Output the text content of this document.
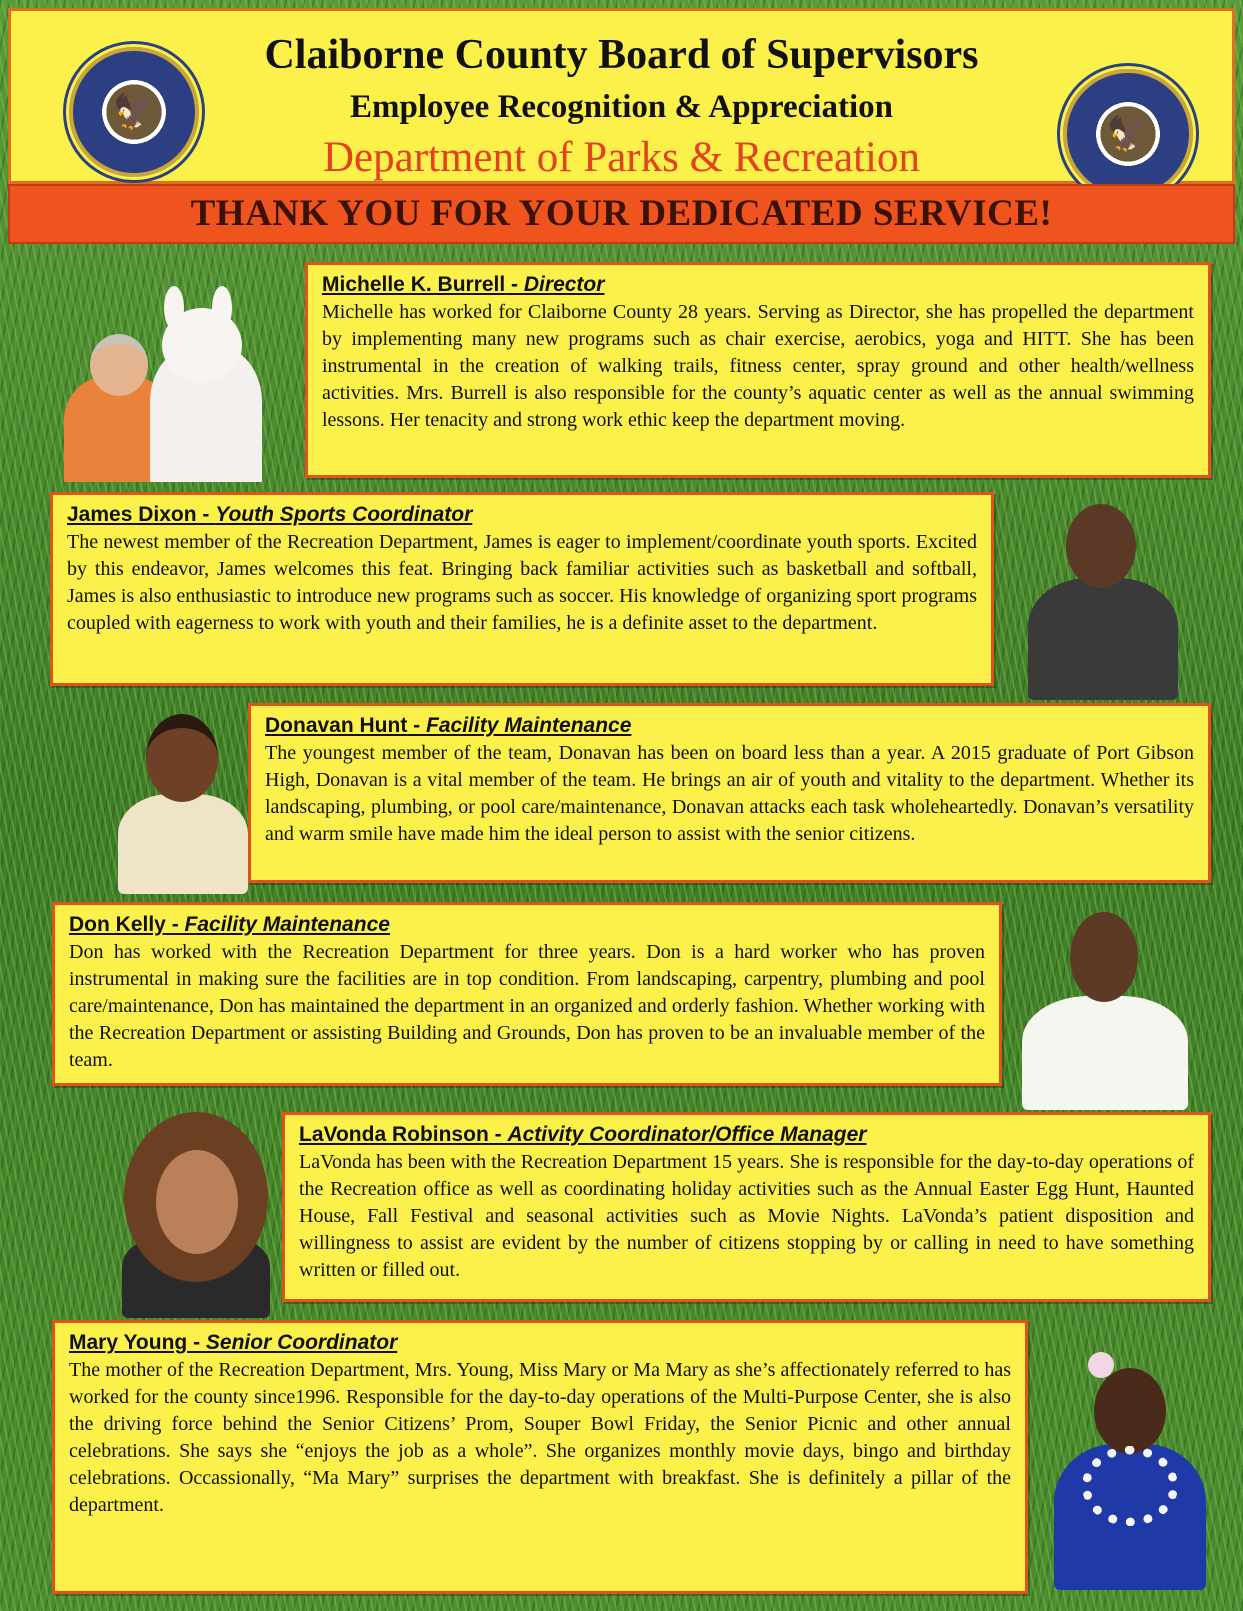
🦅
🦅
Claiborne County Board of Supervisors
Employee Recognition & Appreciation
Department of Parks & Recreation
THANK YOU FOR YOUR DEDICATED SERVICE!
Michelle K. Burrell - Director
Michelle has worked for Claiborne County 28 years. Serving as Director, she has propelled the department by implementing many new programs such as chair exercise, aerobics, yoga and HITT. She has been instrumental in the creation of walking trails, fitness center, spray ground and other health/wellness activities. Mrs. Burrell is also responsible for the county’s aquatic center as well as the annual swimming lessons. Her tenacity and strong work ethic keep the department moving.
James Dixon - Youth Sports Coordinator
The newest member of the Recreation Department, James is eager to implement/coordinate youth sports. Excited by this endeavor, James welcomes this feat. Bringing back familiar activities such as basketball and softball, James is also enthusiastic to introduce new programs such as soccer. His knowledge of organizing sport programs coupled with eagerness to work with youth and their families, he is a definite asset to the department.
Donavan Hunt - Facility Maintenance
The youngest member of the team, Donavan has been on board less than a year. A 2015 graduate of Port Gibson High, Donavan is a vital member of the team. He brings an air of youth and vitality to the department. Whether its landscaping, plumbing, or pool care/maintenance, Donavan attacks each task wholeheartedly. Donavan’s versatility and warm smile have made him the ideal person to assist with the senior citizens.
Don Kelly - Facility Maintenance
Don has worked with the Recreation Department for three years. Don is a hard worker who has proven instrumental in making sure the facilities are in top condition. From landscaping, carpentry, plumbing and pool care/maintenance, Don has maintained the department in an organized and orderly fashion. Whether working with the Recreation Department or assisting Building and Grounds, Don has proven to be an invaluable member of the team.
LaVonda Robinson - Activity Coordinator/Office Manager
LaVonda has been with the Recreation Department 15 years. She is responsible for the day-to-day operations of the Recreation office as well as coordinating holiday activities such as the Annual Easter Egg Hunt, Haunted House, Fall Festival and seasonal activities such as Movie Nights. LaVonda’s patient disposition and willingness to assist are evident by the number of citizens stopping by or calling in need to have something written or filled out.
Mary Young - Senior Coordinator
The mother of the Recreation Department, Mrs. Young, Miss Mary or Ma Mary as she’s affectionately referred to has worked for the county since1996. Responsible for the day-to-day operations of the Multi-Purpose Center, she is also the driving force behind the Senior Citizens’ Prom, Souper Bowl Friday, the Senior Picnic and other annual celebrations. She says she “enjoys the job as a whole”. She organizes monthly movie days, bingo and birthday celebrations. Occassionally, “Ma Mary” surprises the department with breakfast. She is definitely a pillar of the department.
